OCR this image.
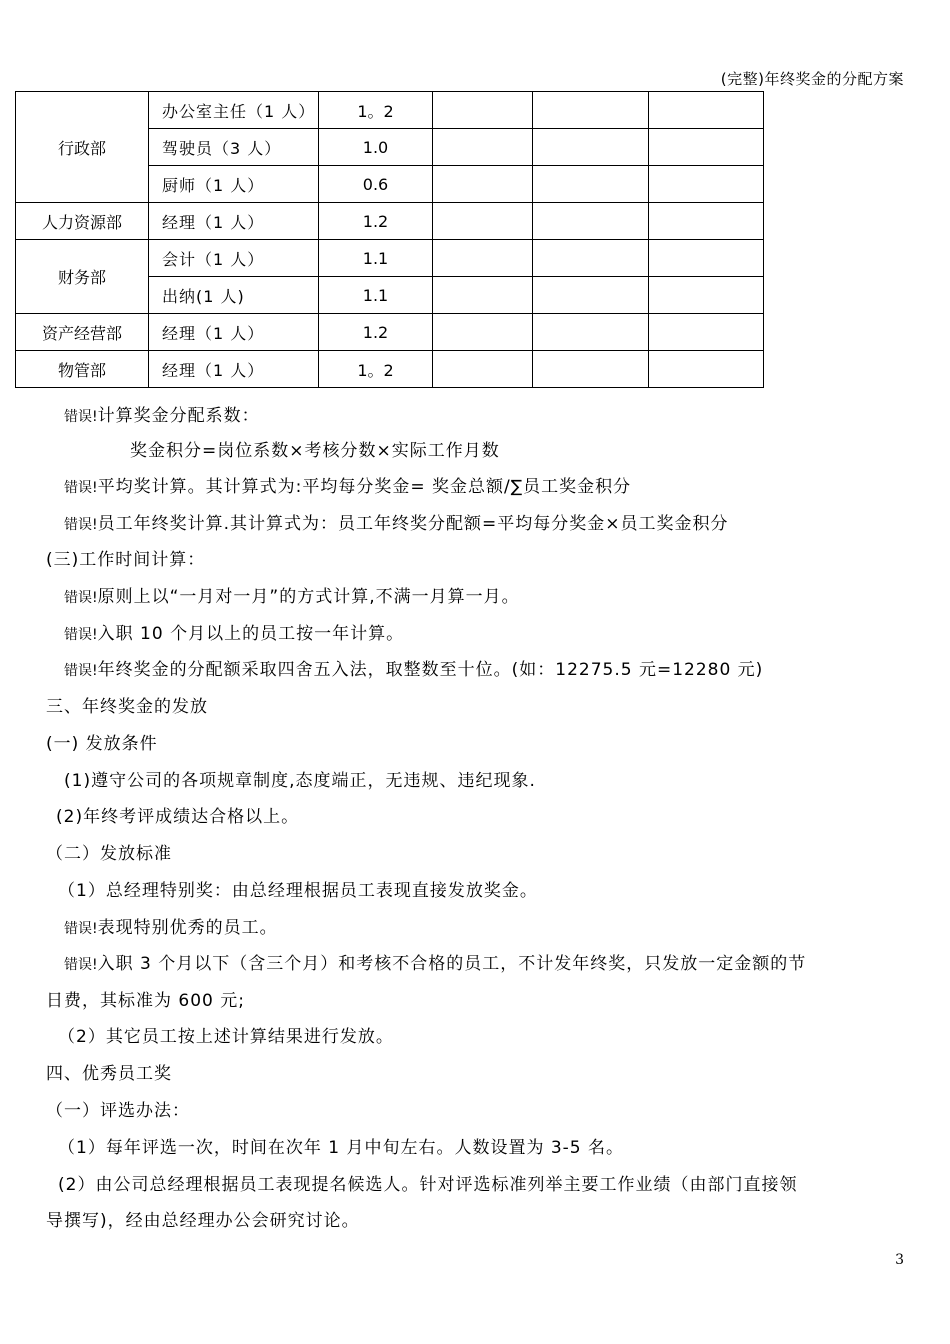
(完整)年终奖金的分配方案
行政部	办公室主任（1 人）	1。2			
	驾驶员（3 人）	1.0			
	厨师（1 人）	0.6			
人力资源部	经理（1 人）	1.2			
财务部	会计（1 人）	1.1			
	出纳(1 人)	1.1			
资产经营部	经理（1 人）	1.2			
物管部	经理（1 人）	1。2			
错误!计算奖金分配系数：
奖金积分=岗位系数×考核分数×实际工作月数
错误!平均奖计算。其计算式为:平均每分奖金= 奖金总额/∑员工奖金积分
错误!员工年终奖计算.其计算式为：员工年终奖分配额=平均每分奖金×员工奖金积分
(三)工作时间计算：
错误!原则上以“一月对一月”的方式计算,不满一月算一月。
错误!入职 10 个月以上的员工按一年计算。
错误!年终奖金的分配额采取四舍五入法，取整数至十位。(如：12275.5 元=12280 元)
三、年终奖金的发放
(一) 发放条件
(1)遵守公司的各项规章制度,态度端正，无违规、违纪现象.
(2)年终考评成绩达合格以上。
（二）发放标准
（1）总经理特别奖：由总经理根据员工表现直接发放奖金。
错误!表现特别优秀的员工。
错误!入职 3 个月以下（含三个月）和考核不合格的员工，不计发年终奖，只发放一定金额的节
日费，其标准为 600 元;
（2）其它员工按上述计算结果进行发放。
四、优秀员工奖
（一）评选办法：
（1）每年评选一次，时间在次年 1 月中旬左右。人数设置为 3-5 名。
(2）由公司总经理根据员工表现提名候选人。针对评选标准列举主要工作业绩（由部门直接领
导撰写)，经由总经理办公会研究讨论。
3
